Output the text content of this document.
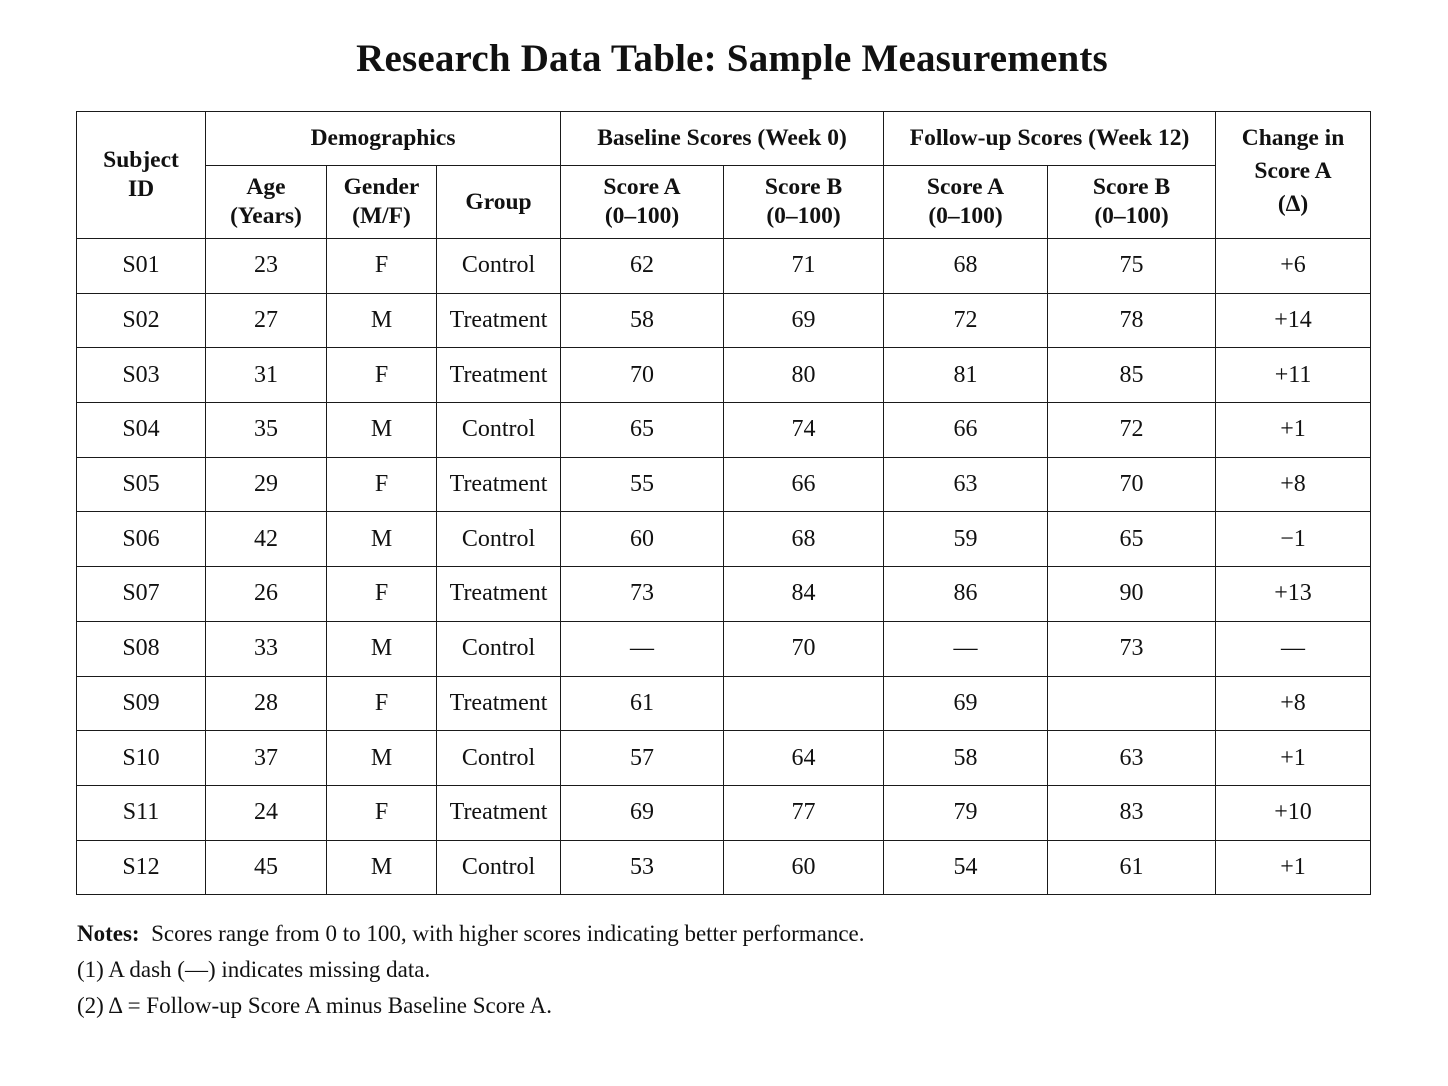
Research Data Table: Sample Measurements
Subject ID	Demographics			Baseline Scores (Week 0)		Follow-up Scores (Week 12)		Change in Score A (Δ)
	Age (Years)	Gender (M/F)	Group	Score A (0–100)	Score B (0–100)	Score A (0–100)	Score B (0–100)	
S01	23	F	Control	62	71	68	75	+6
S02	27	M	Treatment	58	69	72	78	+14
S03	31	F	Treatment	70	80	81	85	+11
S04	35	M	Control	65	74	66	72	+1
S05	29	F	Treatment	55	66	63	70	+8
S06	42	M	Control	60	68	59	65	−1
S07	26	F	Treatment	73	84	86	90	+13
S08	33	M	Control	—	70	—	73	—
S09	28	F	Treatment	61		69		+8
S10	37	M	Control	57	64	58	63	+1
S11	24	F	Treatment	69	77	79	83	+10
S12	45	M	Control	53	60	54	61	+1
Notes: Scores range from 0 to 100, with higher scores indicating better performance.
(1) A dash (—) indicates missing data.
(2) Δ = Follow-up Score A minus Baseline Score A.
